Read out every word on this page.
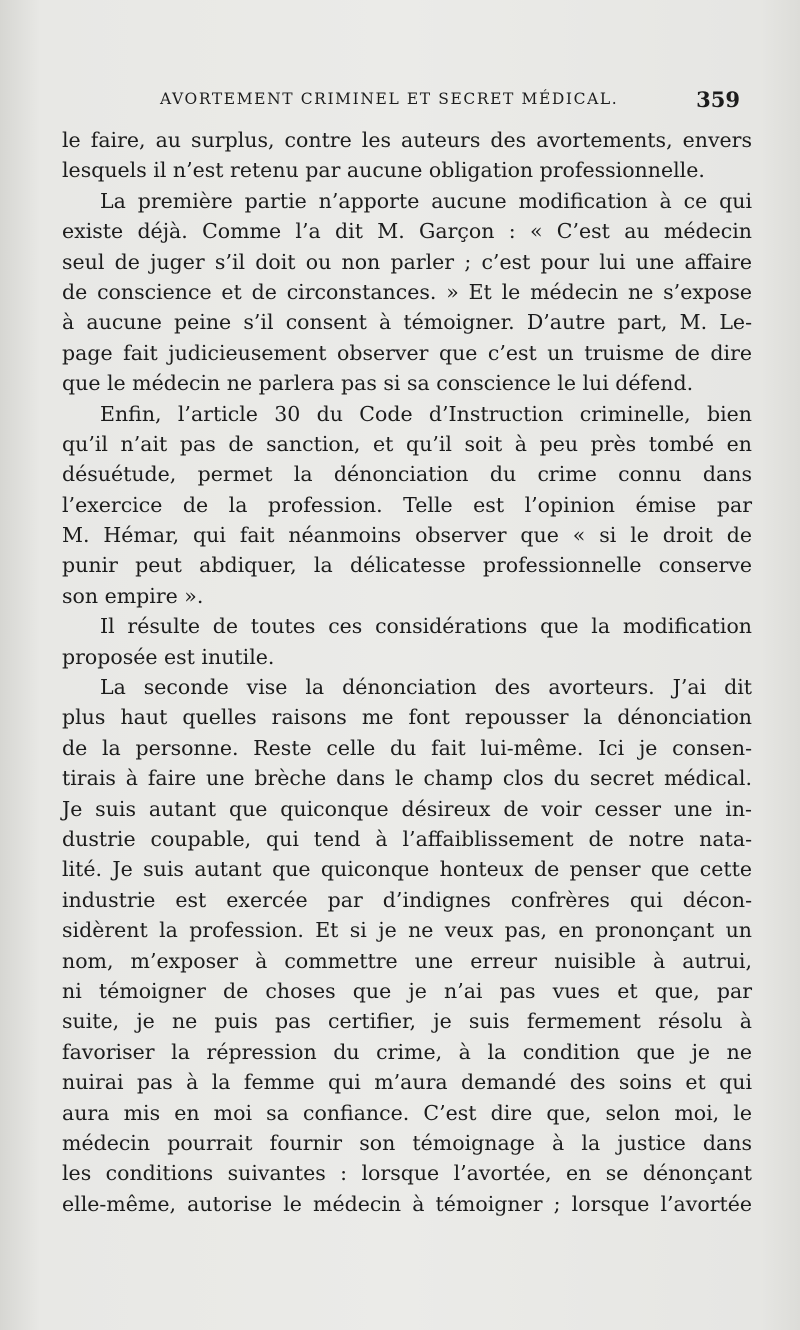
AVORTEMENT CRIMINEL ET SECRET MÉDICAL.	359
le faire, au surplus, contre les auteurs des avortements, envers
lesquels il n’est retenu par aucune obligation professionnelle.
La première partie n’apporte aucune modification à ce qui
existe déjà. Comme l’a dit M. Garçon : « C’est au médecin
seul de juger s’il doit ou non parler ; c’est pour lui une affaire
de conscience et de circonstances. » Et le médecin ne s’expose
à aucune peine s’il consent à témoigner. D’autre part, M. Le-
page fait judicieusement observer que c’est un truisme de dire
que le médecin ne parlera pas si sa conscience le lui défend.
Enfin, l’article 30 du Code d’Instruction criminelle, bien
qu’il n’ait pas de sanction, et qu’il soit à peu près tombé en
désuétude, permet la dénonciation du crime connu dans
l’exercice de la profession. Telle est l’opinion émise par
M. Hémar, qui fait néanmoins observer que « si le droit de
punir peut abdiquer, la délicatesse professionnelle conserve
son empire ».
Il résulte de toutes ces considérations que la modification
proposée est inutile.
La seconde vise la dénonciation des avorteurs. J’ai dit
plus haut quelles raisons me font repousser la dénonciation
de la personne. Reste celle du fait lui-même. Ici je consen-
tirais à faire une brèche dans le champ clos du secret médical.
Je suis autant que quiconque désireux de voir cesser une in-
dustrie coupable, qui tend à l’affaiblissement de notre nata-
lité. Je suis autant que quiconque honteux de penser que cette
industrie est exercée par d’indignes confrères qui décon-
sidèrent la profession. Et si je ne veux pas, en prononçant un
nom, m’exposer à commettre une erreur nuisible à autrui,
ni témoigner de choses que je n’ai pas vues et que, par
suite, je ne puis pas certifier, je suis fermement résolu à
favoriser la répression du crime, à la condition que je ne
nuirai pas à la femme qui m’aura demandé des soins et qui
aura mis en moi sa confiance. C’est dire que, selon moi, le
médecin pourrait fournir son témoignage à la justice dans
les conditions suivantes : lorsque l’avortée, en se dénonçant
elle-même, autorise le médecin à témoigner ; lorsque l’avortée
